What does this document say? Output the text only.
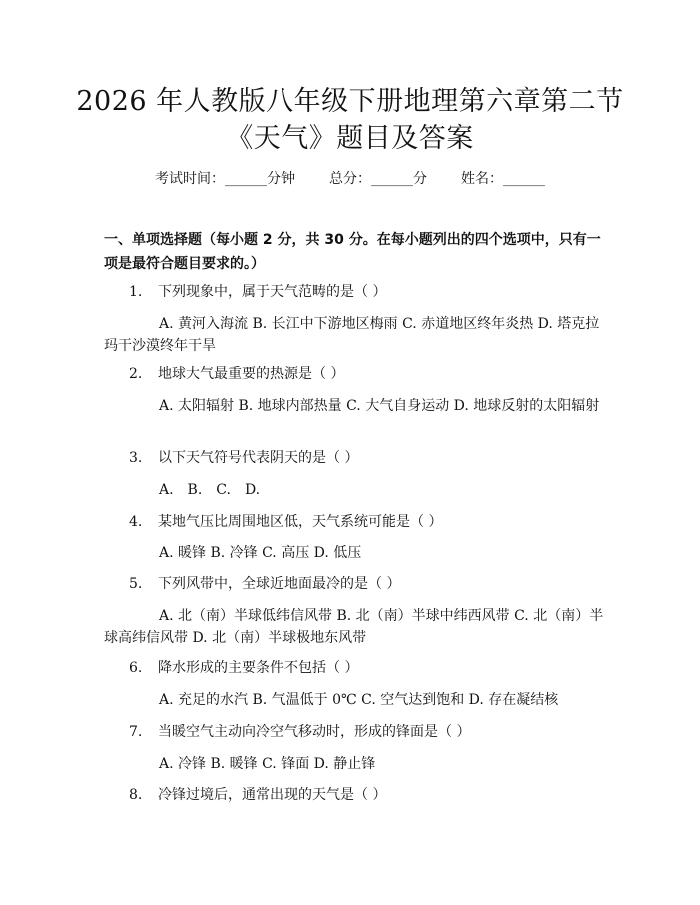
2026 年人教版八年级下册地理第六章第二节
《天气》题目及答案
考试时间：______分钟 总分：______分 姓名：______
一、单项选择题（每小题 2 分，共 30 分。在每小题列出的四个选项中，只有一项是最符合题目要求的。）
1. 下列现象中，属于天气范畴的是（ ）
A. 黄河入海流 B. 长江中下游地区梅雨 C. 赤道地区终年炎热 D. 塔克拉玛干沙漠终年干旱
2. 地球大气最重要的热源是（ ）
A. 太阳辐射 B. 地球内部热量 C. 大气自身运动 D. 地球反射的太阳辐射
3. 以下天气符号代表阴天的是（ ）
A.　B.　C.　D.
4. 某地气压比周围地区低，天气系统可能是（ ）
A. 暖锋 B. 冷锋 C. 高压 D. 低压
5. 下列风带中，全球近地面最冷的是（ ）
A. 北（南）半球低纬信风带 B. 北（南）半球中纬西风带 C. 北（南）半球高纬信风带 D. 北（南）半球极地东风带
6. 降水形成的主要条件不包括（ ）
A. 充足的水汽 B. 气温低于 0℃ C. 空气达到饱和 D. 存在凝结核
7. 当暖空气主动向冷空气移动时，形成的锋面是（ ）
A. 冷锋 B. 暖锋 C. 锋面 D. 静止锋
8. 冷锋过境后，通常出现的天气是（ ）
